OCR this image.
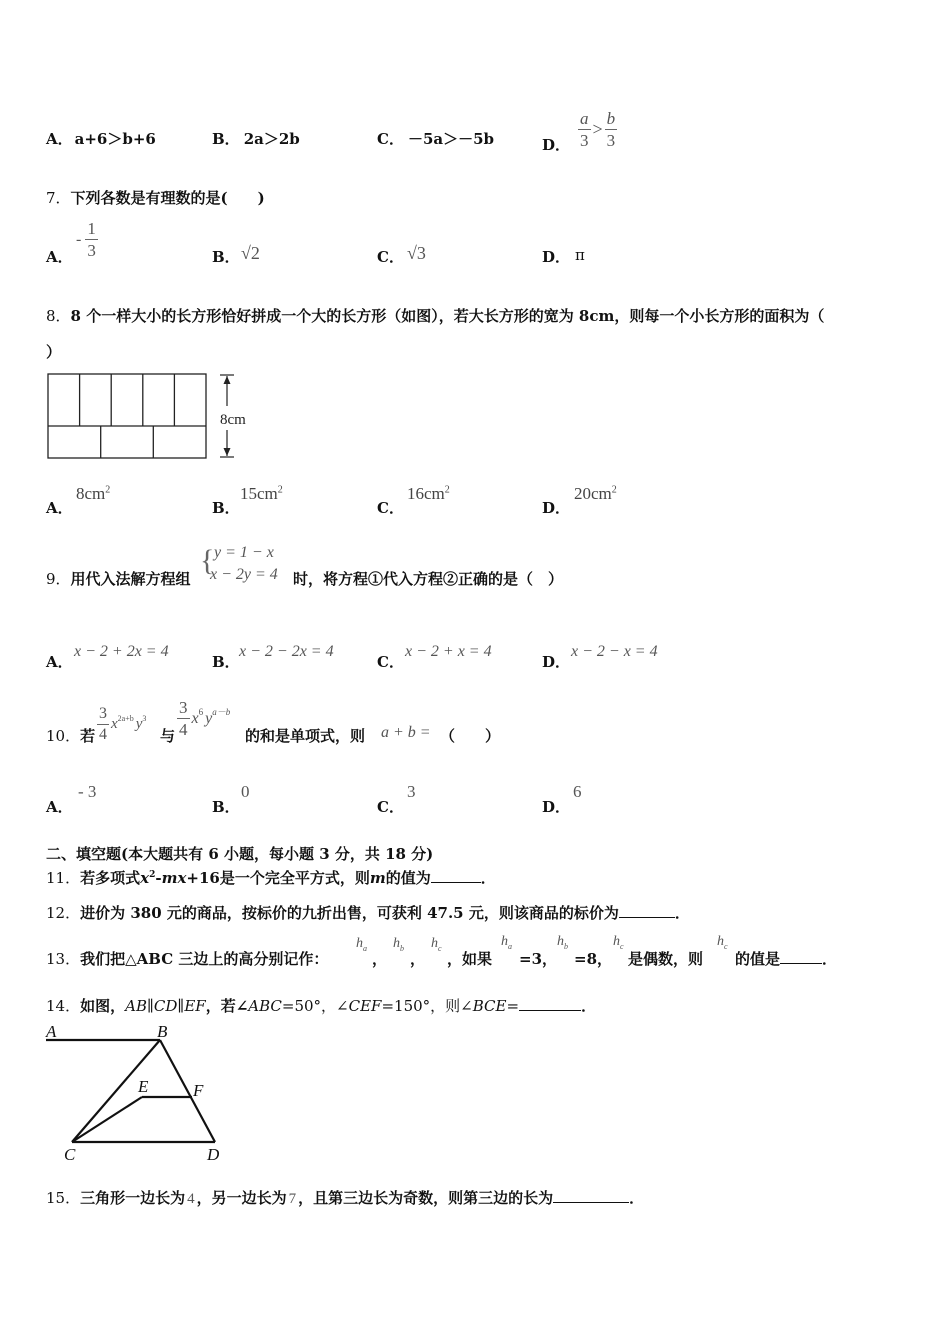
A． a+6＞b+6	B． 2a＞2b	C． －5a＞－5b	D． $\frac{a}{3} > \frac{b}{3}$
7．下列各数是有理数的是(　　)
A．
- $\frac{1}{3}$	B． √2	C． √3	D． π
8．8 个一样大小的长方形恰好拼成一个大的长方形（如图），若大长方形的宽为 8cm，则每一个小长方形的面积为（
）
8cm
A．
$8cm^2$
B．
$15cm^2$
C．
$16cm^2$
D．
$20cm^2$
9．用代入法解方程组
{ y = 1 − x
x − 2y = 4 时，将方程①代入方程②正确的是（　）
A．
x − 2 + 2x = 4
B．
x − 2 − 2x = 4
C．
x − 2 + x = 4
D．
x − 2 − x = 4
10．若 $\frac{3}{4} x^{2a+b}$ $y^3$
与 $\frac{3}{4} x^6$ $y^{a-b}$
的和是单项式，则 a + b = （　　）
A．
- 3
B．
0
C．
3
D．
6
二、填空题(本大题共有 6 小题，每小题 3 分，共 18 分)
11．若多项式$x^2-mx+16$是一个完全平方式，则m的值为	．
12．进价为 380 元的商品，按标价的九折出售，可获利 47.5 元，则该商品的标价为	．
13．我们把△ABC 三边上的高分别记作：
$h_a$
，
$h_b$
，
$h_c$
，如果
$h_a$
=3，
$h_b$
=8，
$h_c$
是偶数，则
$h_c$
的值是	．
14．如图，AB∥CD∥EF，若∠ABC=50°，∠CEF=150°，则∠BCE=	．
A	B
C	D
E	F
15．三角形一边长为 4 ，另一边长为 7 ，且第三边长为奇数，则第三边的长为	．
